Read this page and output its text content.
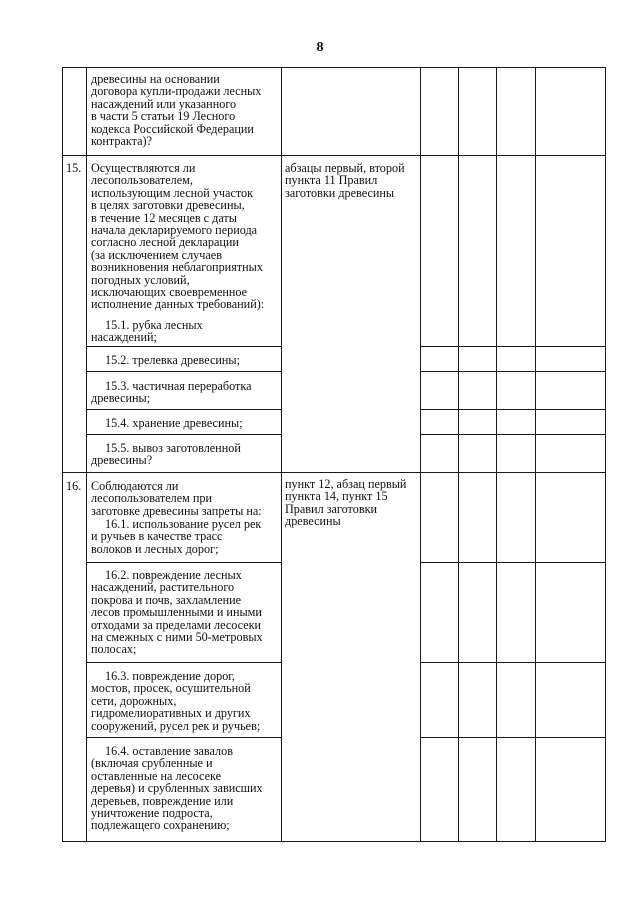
8
древесины на основании
договора купли-продажи лесных
насаждений или указанного
в части 5 статьи 19 Лесного
кодекса Российской Федерации
контракта)?
15. Осуществляются ли
лесопользователем,
использующим лесной участок
в целях заготовки древесины,
в течение 12 месяцев с даты
начала декларируемого периода
согласно лесной декларации
(за исключением случаев
возникновения неблагоприятных
погодных условий,
исключающих своевременное
исполнение данных требований):
абзацы первый, второй
пункта 11 Правил
заготовки древесины
15.1. рубка лесных
насаждений;
15.2. трелевка древесины;
15.3. частичная переработка
древесины;
15.4. хранение древесины;
15.5. вывоз заготовленной
древесины?
16. Соблюдаются ли
лесопользователем при
заготовке древесины запреты на:
пункт 12, абзац первый
пункта 14, пункт 15
Правил заготовки
древесины
16.1. использование русел рек
и ручьев в качестве трасс
волоков и лесных дорог;
16.2. повреждение лесных
насаждений, растительного
покрова и почв, захламление
лесов промышленными и иными
отходами за пределами лесосеки
на смежных с ними 50-метровых
полосах;
16.3. повреждение дорог,
мостов, просек, осушительной
сети, дорожных,
гидромелиоративных и других
сооружений, русел рек и ручьев;
16.4. оставление завалов
(включая срубленные и
оставленные на лесосеке
деревья) и срубленных зависших
деревьев, повреждение или
уничтожение подроста,
подлежащего сохранению;
